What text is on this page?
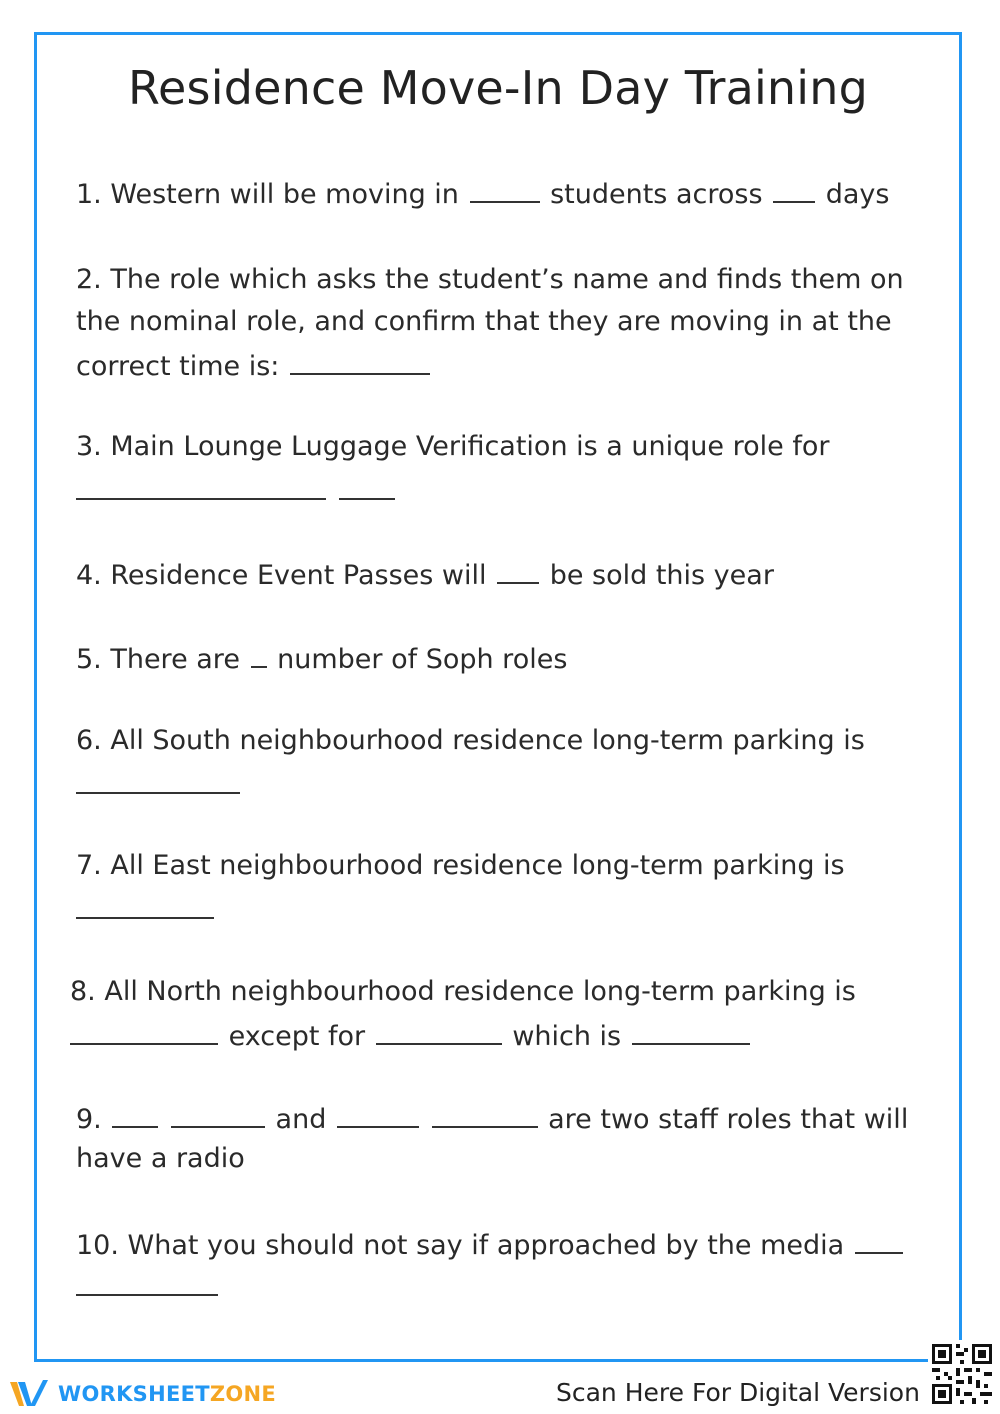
Residence Move-In Day Training
1. Western will be moving in	students across days
2. The role which asks the student’s name and finds them on
the nominal role, and confirm that they are moving in at the
correct time is:
3. Main Lounge Luggage Verification is a unique role for

4. Residence Event Passes will be sold this year
5. There are number of Soph roles
6. All South neighbourhood residence long-term parking is
7. All East neighbourhood residence long-term parking is
8. All North neighbourhood residence long-term parking is
except for	which is
9.	and	are two staff roles that will
have a radio
10. What you should not say if approached by the media
WORKSHEETZONE	Scan Here For Digital Version
